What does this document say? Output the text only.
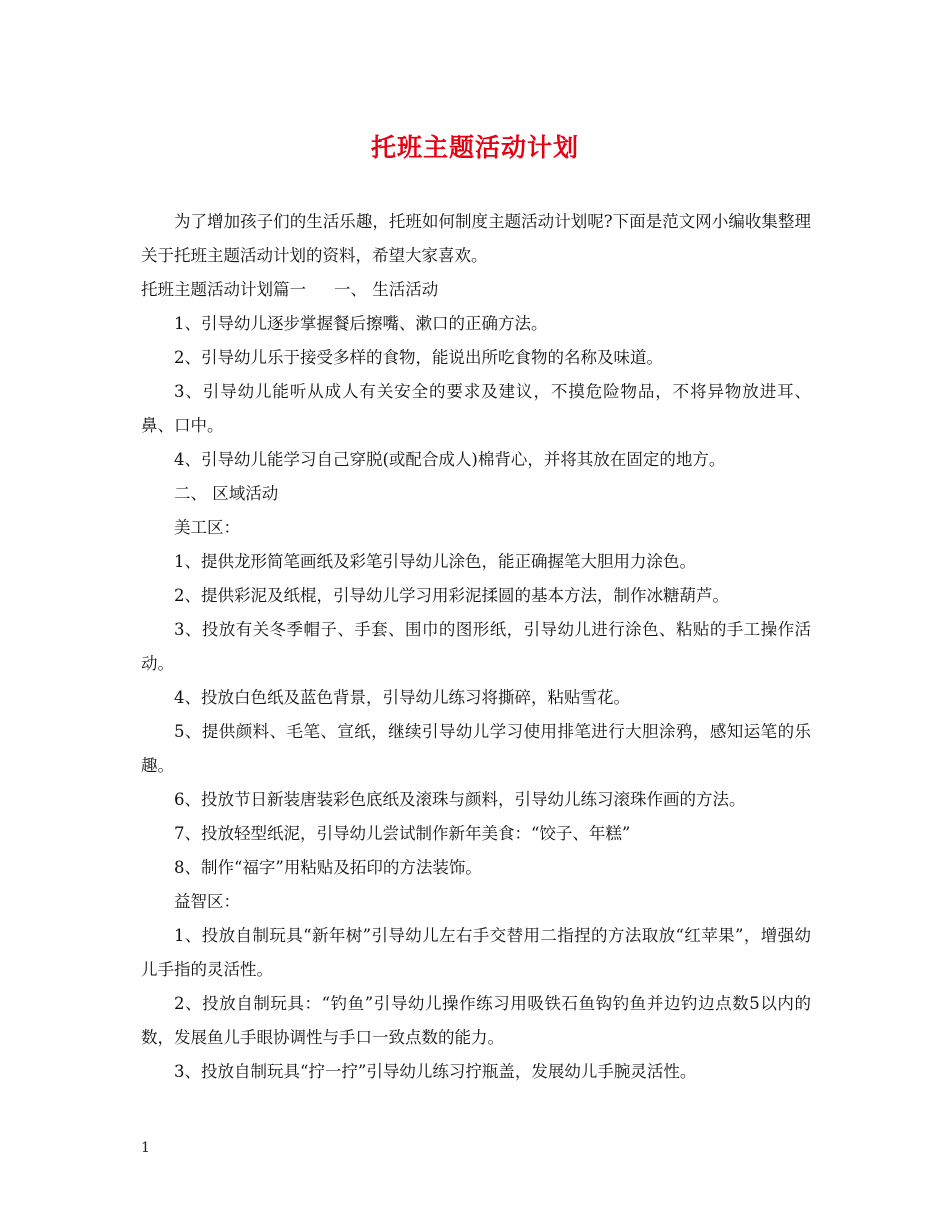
托班主题活动计划

为了增加孩子们的生活乐趣，托班如何制度主题活动计划呢?下面是范文网小编收集整理关于托班主题活动计划的资料，希望大家喜欢。

托班主题活动计划篇一 一、 生活活动

1、引导幼儿逐步掌握餐后擦嘴、漱口的正确方法。

2、引导幼儿乐于接受多样的食物，能说出所吃食物的名称及味道。

3、引导幼儿能听从成人有关安全的要求及建议，不摸危险物品，不将异物放进耳、鼻、口中。

4、引导幼儿能学习自己穿脱(或配合成人)棉背心，并将其放在固定的地方。

二、 区域活动

美工区：

1、提供龙形简笔画纸及彩笔引导幼儿涂色，能正确握笔大胆用力涂色。

2、提供彩泥及纸棍，引导幼儿学习用彩泥揉圆的基本方法，制作冰糖葫芦。

3、投放有关冬季帽子、手套、围巾的图形纸，引导幼儿进行涂色、粘贴的手工操作活动。

4、投放白色纸及蓝色背景，引导幼儿练习将撕碎，粘贴雪花。

5、提供颜料、毛笔、宣纸，继续引导幼儿学习使用排笔进行大胆涂鸦，感知运笔的乐趣。

6、投放节日新装唐装彩色底纸及滚珠与颜料，引导幼儿练习滚珠作画的方法。

7、投放轻型纸泥，引导幼儿尝试制作新年美食：“饺子、年糕”

8、制作“福字”用粘贴及拓印的方法装饰。

益智区：

1、投放自制玩具“新年树”引导幼儿左右手交替用二指捏的方法取放“红苹果”，增强幼儿手指的灵活性。

2、投放自制玩具：“钓鱼”引导幼儿操作练习用吸铁石鱼钩钓鱼并边钓边点数5以内的数，发展鱼儿手眼协调性与手口一致点数的能力。

3、投放自制玩具“拧一拧”引导幼儿练习拧瓶盖，发展幼儿手腕灵活性。

1
